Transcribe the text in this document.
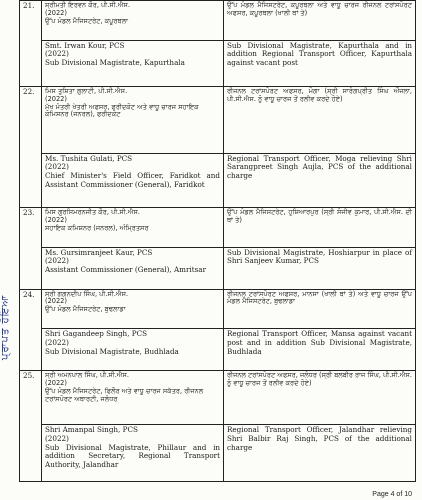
21.	ਸ਼੍ਰੀਮਤੀ ਇਰਵਨ ਕੌਰ, ਪੀ.ਸੀ.ਐਸ.
(2022)
ਉੱਪ ਮੰਡਲ ਮੈਜਿਸਟਰੇਟ, ਕਪੂਰਥਲਾ	ਉੱਪ ਮੰਡਲ ਮੈਜਿਸਟਰੇਟ, ਕਪੂਰਥਲਾ ਅਤੇ ਵਾਧੂ ਚਾਰਜ ਰੀਜਨਲ ਟਰਾਂਸਪੋਰਟ ਅਫਸਰ, ਕਪੂਰਥਲਾ (ਖਾਲੀ ਥਾਂ ਤੇ)

	Smt. Irwan Kour, PCS
(2022)
Sub Divisional Magistrate, Kapurthala	Sub Divisional Magistrate, Kapurthala and in addition Regional Transport Officer, Kapurthala against vacant post
22.	ਮਿਸ ਤੁਸ਼ਿਤਾ ਗੁਲਾਟੀ, ਪੀ.ਸੀ.ਐਸ.
(2022)
ਮੁੱਖ ਮੰਤਰੀ ਖੇਤਰੀ ਅਫਸਰ, ਫਰੀਦਕੋਟ ਅਤੇ ਵਾਧੂ ਚਾਰਜ ਸਹਾਇਕ ਕਮਿਸ਼ਨਰ (ਜਨਰਲ), ਫਰੀਦਕੋਟ	ਰੀਜਨਲ ਟਰਾਂਸਪੋਰਟ ਅਫਸਰ, ਮੋਗਾ (ਸ੍ਰੀ ਸਾਰੰਗਪ੍ਰੀਤ ਸਿੰਘ ਔਜਲਾ, ਪੀ.ਸੀ.ਐਸ. ਨੂੰ ਵਾਧੂ ਚਾਰਜ ਤੋਂ ਰਲੀਵ ਕਰਦੇ ਹੋਏ)

	Ms. Tushita Gulati, PCS
(2022)
Chief Minister's Field Officer, Faridkot and Assistant Commissioner (General), Faridkot	Regional Transport Officer, Moga relieving Shri Sarangpreet Singh Aujla, PCS of the additional charge
23.	ਮਿਸ ਗੁਰਸਿਮਰਨਜੀਤ ਕੌਰ, ਪੀ.ਸੀ.ਐਸ.
(2022)
ਸਹਾਇਕ ਕਮਿਸ਼ਨਰ (ਜਨਰਲ), ਅੰਮ੍ਰਿਤਸਰ	ਉੱਪ ਮੰਡਲ ਮੈਜਿਸਟਰੇਟ, ਹੁਸ਼ਿਆਰਪੁਰ (ਸ੍ਰੀ ਸੰਜੀਵ ਕੁਮਾਰ, ਪੀ.ਸੀ.ਐਸ. ਦੀ ਥਾਂ ਤੇ)

	Ms. Gursimranjeet Kaur, PCS
(2022)
Assistant Commissioner (General), Amritsar	Sub Divisional Magistrate, Hoshiarpur in place of Shri Sanjeev Kumar, PCS
24.	ਸ੍ਰੀ ਗਗਨਦੀਪ ਸਿੰਘ, ਪੀ.ਸੀ.ਐਸ.
(2022)
ਉੱਪ ਮੰਡਲ ਮੈਜਿਸਟਰੇਟ, ਬੁਢਲਾਡਾ	ਰੀਜਨਲ ਟਰਾਂਸਪੋਰਟ ਅਫਸਰ, ਮਾਨਸਾ (ਖਾਲੀ ਥਾਂ ਤੇ) ਅਤੇ ਵਾਧੂ ਚਾਰਜ ਉੱਪ ਮੰਡਲ ਮੈਜਿਸਟਰੇਟ, ਬੁਢਲਾਡਾ

	Shri Gagandeep Singh, PCS
(2022)
Sub Divisional Magistrate, Budhlada	Regional Transport Officer, Mansa against vacant post and in addition Sub Divisional Magistrate, Budhlada
25.	ਸ੍ਰੀ ਅਮਨਪਾਲ ਸਿੰਘ, ਪੀ.ਸੀ.ਐਸ.
(2022)
ਉੱਪ ਮੰਡਲ ਮੈਜਿਸਟਰੇਟ, ਫਿਲੌਰ ਅਤੇ ਵਾਧੂ ਚਾਰਜ ਸਕੱਤਰ, ਰੀਜਨਲ ਟਰਾਂਸਪੋਰਟ ਅਥਾਰਟੀ, ਜਲੰਧਰ	ਰੀਜਨਲ ਟਰਾਂਸਪੋਰਟ ਅਫਸਰ, ਜਲੰਧਰ (ਸ੍ਰੀ ਬਲਬੀਰ ਰਾਜ ਸਿੰਘ, ਪੀ.ਸੀ.ਐਸ. ਨੂੰ ਵਾਧੂ ਚਾਰਜ ਤੋਂ ਰਲੀਵ ਕਰਦੇ ਹੋਏ)

	Shri Amanpal Singh, PCS
(2022)
Sub Divisional Magistrate, Phillaur and in addition Secretary, Regional Transport Authority, Jalandhar	Regional Transport Officer, Jalandhar relieving Shri Balbir Raj Singh, PCS of the additional charge
ਪ੍ਰਾਪਤ ਹੋਇਆ
Page 4 of 10
